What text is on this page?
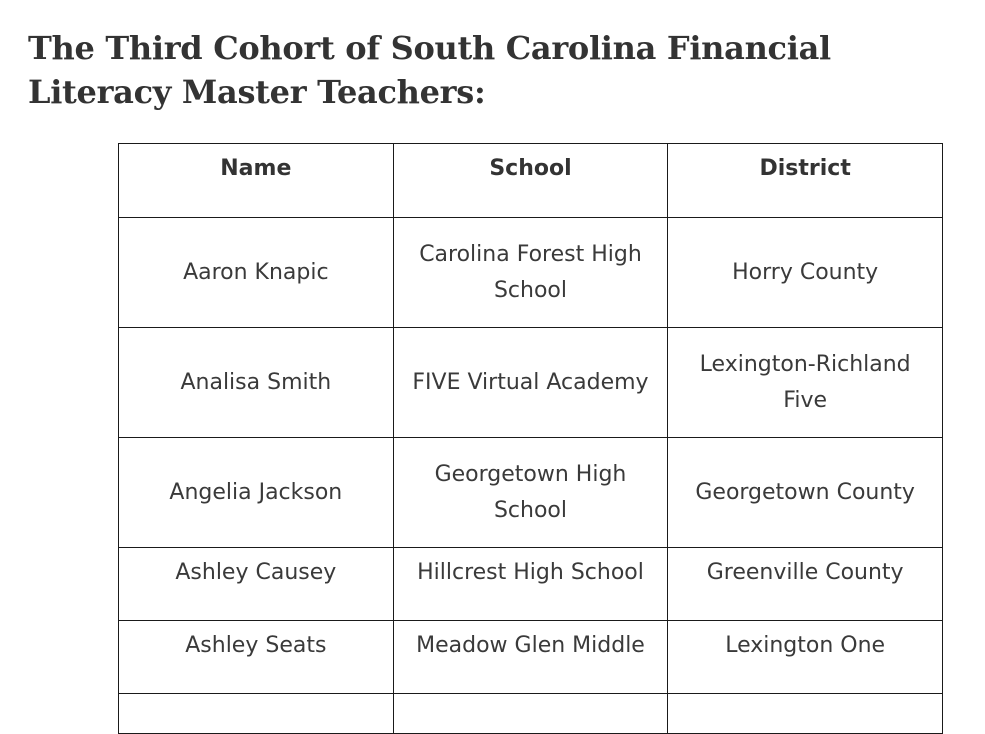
The Third Cohort of South Carolina Financial Literacy Master Teachers:
Name	School	District
Aaron Knapic	Carolina Forest High School	Horry County
Analisa Smith	FIVE Virtual Academy	Lexington-Richland Five
Angelia Jackson	Georgetown High School	Georgetown County
Ashley Causey	Hillcrest High School	Greenville County
Ashley Seats	Meadow Glen Middle	Lexington One
